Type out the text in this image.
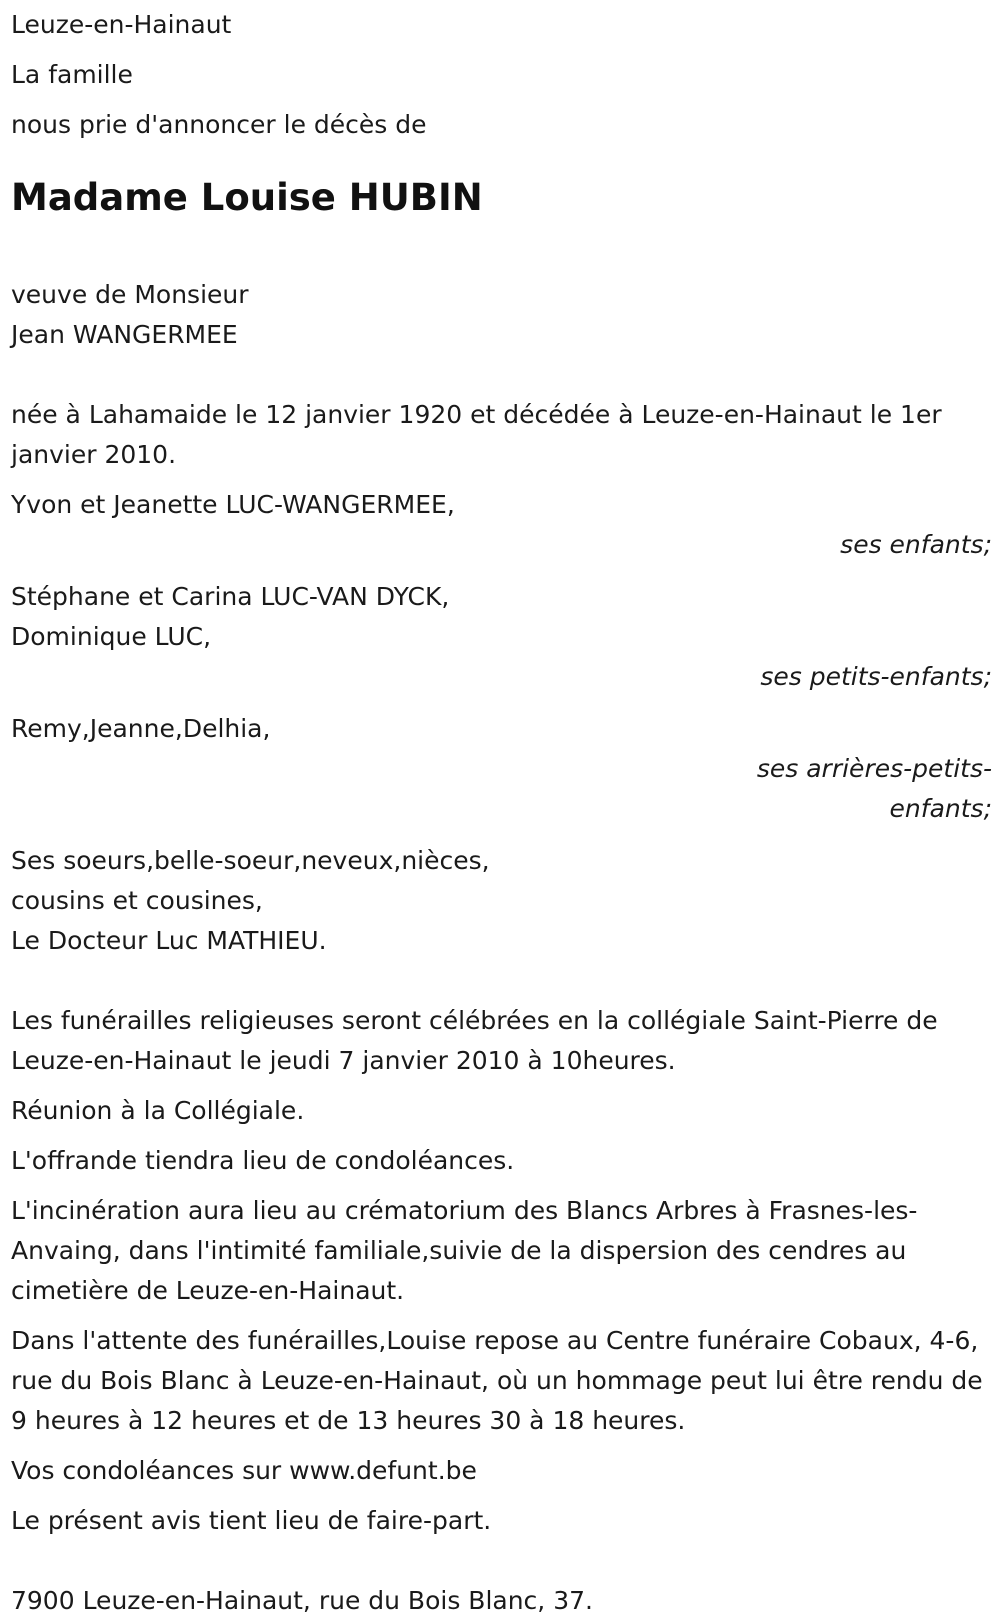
Leuze-en-Hainaut

La famille

nous prie d'annoncer le décès de

Madame Louise HUBIN

veuve de Monsieur

Jean WANGERMEE

née à Lahamaide le 12 janvier 1920 et décédée à Leuze-en-Hainaut le 1er janvier 2010.

Yvon et Jeanette LUC-WANGERMEE,

ses enfants;

Stéphane et Carina LUC-VAN DYCK,

Dominique LUC,

ses petits-enfants;

Remy,Jeanne,Delhia,

ses arrières-petits-enfants;

Ses soeurs,belle-soeur,neveux,nièces,

cousins et cousines,

Le Docteur Luc MATHIEU.

Les funérailles religieuses seront célébrées en la collégiale Saint-Pierre de Leuze-en-Hainaut le jeudi 7 janvier 2010 à 10heures.

Réunion à la Collégiale.

L'offrande tiendra lieu de condoléances.

L'incinération aura lieu au crématorium des Blancs Arbres à Frasnes-les-Anvaing, dans l'intimité familiale,suivie de la dispersion des cendres au cimetière de Leuze-en-Hainaut.

Dans l'attente des funérailles,Louise repose au Centre funéraire Cobaux, 4-6, rue du Bois Blanc à Leuze-en-Hainaut, où un hommage peut lui être rendu de 9 heures à 12 heures et de 13 heures 30 à 18 heures.

Vos condoléances sur www.defunt.be

Le présent avis tient lieu de faire-part.

7900 Leuze-en-Hainaut, rue du Bois Blanc, 37.
